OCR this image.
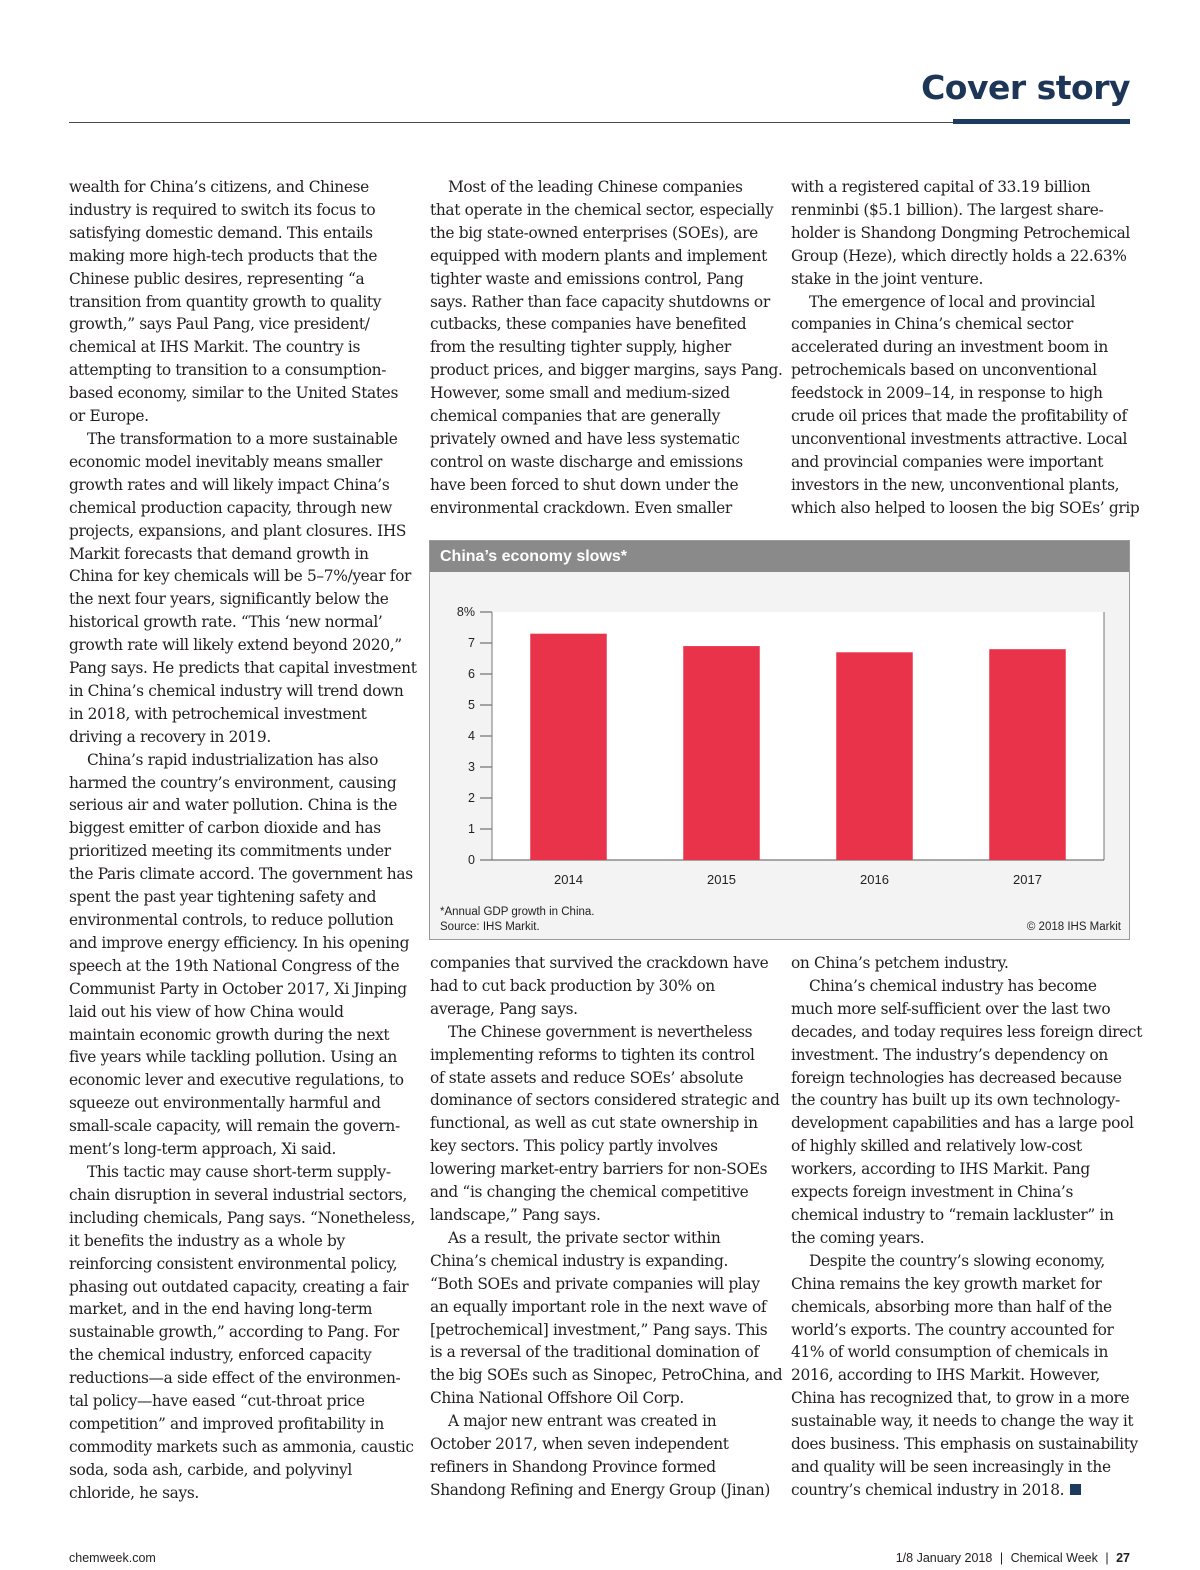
Cover story

wealth for China’s citizens, and Chinese
industry is required to switch its focus to
satisfying domestic demand. This entails
making more high-tech products that the
Chinese public desires, representing “a
transition from quantity growth to quality
growth,” says Paul Pang, vice president/
chemical at IHS Markit. The country is
attempting to transition to a consumption-
based economy, similar to the United States
or Europe.

The transformation to a more sustainable
economic model inevitably means smaller
growth rates and will likely impact China’s
chemical production capacity, through new
projects, expansions, and plant closures. IHS
Markit forecasts that demand growth in
China for key chemicals will be 5–7%/year for
the next four years, significantly below the
historical growth rate. “This ‘new normal’
growth rate will likely extend beyond 2020,”
Pang says. He predicts that capital investment
in China’s chemical industry will trend down
in 2018, with petrochemical investment
driving a recovery in 2019.

China’s rapid industrialization has also
harmed the country’s environment, causing
serious air and water pollution. China is the
biggest emitter of carbon dioxide and has
prioritized meeting its commitments under
the Paris climate accord. The government has
spent the past year tightening safety and
environmental controls, to reduce pollution
and improve energy efficiency. In his opening
speech at the 19th National Congress of the
Communist Party in October 2017, Xi Jinping
laid out his view of how China would
maintain economic growth during the next
five years while tackling pollution. Using an
economic lever and executive regulations, to
squeeze out environmentally harmful and
small-scale capacity, will remain the govern-
ment’s long-term approach, Xi said.

This tactic may cause short-term supply-
chain disruption in several industrial sectors,
including chemicals, Pang says. “Nonetheless,
it benefits the industry as a whole by
reinforcing consistent environmental policy,
phasing out outdated capacity, creating a fair
market, and in the end having long-term
sustainable growth,” according to Pang. For
the chemical industry, enforced capacity
reductions—a side effect of the environmen-
tal policy—have eased “cut-throat price
competition” and improved profitability in
commodity markets such as ammonia, caustic
soda, soda ash, carbide, and polyvinyl
chloride, he says.

Most of the leading Chinese companies
that operate in the chemical sector, especially
the big state-owned enterprises (SOEs), are
equipped with modern plants and implement
tighter waste and emissions control, Pang
says. Rather than face capacity shutdowns or
cutbacks, these companies have benefited
from the resulting tighter supply, higher
product prices, and bigger margins, says Pang.
However, some small and medium-sized
chemical companies that are generally
privately owned and have less systematic
control on waste discharge and emissions
have been forced to shut down under the
environmental crackdown. Even smaller

with a registered capital of 33.19 billion
renminbi ($5.1 billion). The largest share-
holder is Shandong Dongming Petrochemical
Group (Heze), which directly holds a 22.63%
stake in the joint venture.

The emergence of local and provincial
companies in China’s chemical sector
accelerated during an investment boom in
petrochemicals based on unconventional
feedstock in 2009–14, in response to high
crude oil prices that made the profitability of
unconventional investments attractive. Local
and provincial companies were important
investors in the new, unconventional plants,
which also helped to loosen the big SOEs’ grip

China’s economy slows*
0
1
2
3
4
5
6
7
8%
2014	2015	2016	2017
*Annual GDP growth in China.
Source: IHS Markit.	© 2018 IHS Markit

companies that survived the crackdown have
had to cut back production by 30% on
average, Pang says.

The Chinese government is nevertheless
implementing reforms to tighten its control
of state assets and reduce SOEs’ absolute
dominance of sectors considered strategic and
functional, as well as cut state ownership in
key sectors. This policy partly involves
lowering market-entry barriers for non-SOEs
and “is changing the chemical competitive
landscape,” Pang says.

As a result, the private sector within
China’s chemical industry is expanding.
“Both SOEs and private companies will play
an equally important role in the next wave of
[petrochemical] investment,” Pang says. This
is a reversal of the traditional domination of
the big SOEs such as Sinopec, PetroChina, and
China National Offshore Oil Corp.

A major new entrant was created in
October 2017, when seven independent
refiners in Shandong Province formed
Shandong Refining and Energy Group (Jinan)

on China’s petchem industry.

China’s chemical industry has become
much more self-sufficient over the last two
decades, and today requires less foreign direct
investment. The industry’s dependency on
foreign technologies has decreased because
the country has built up its own technology-
development capabilities and has a large pool
of highly skilled and relatively low-cost
workers, according to IHS Markit. Pang
expects foreign investment in China’s
chemical industry to “remain lackluster” in
the coming years.

Despite the country’s slowing economy,
China remains the key growth market for
chemicals, absorbing more than half of the
world’s exports. The country accounted for
41% of world consumption of chemicals in
2016, according to IHS Markit. However,
China has recognized that, to grow in a more
sustainable way, it needs to change the way it
does business. This emphasis on sustainability
and quality will be seen increasingly in the
country’s chemical industry in 2018.

chemweek.com	1/8 January 2018 | Chemical Week | 27
